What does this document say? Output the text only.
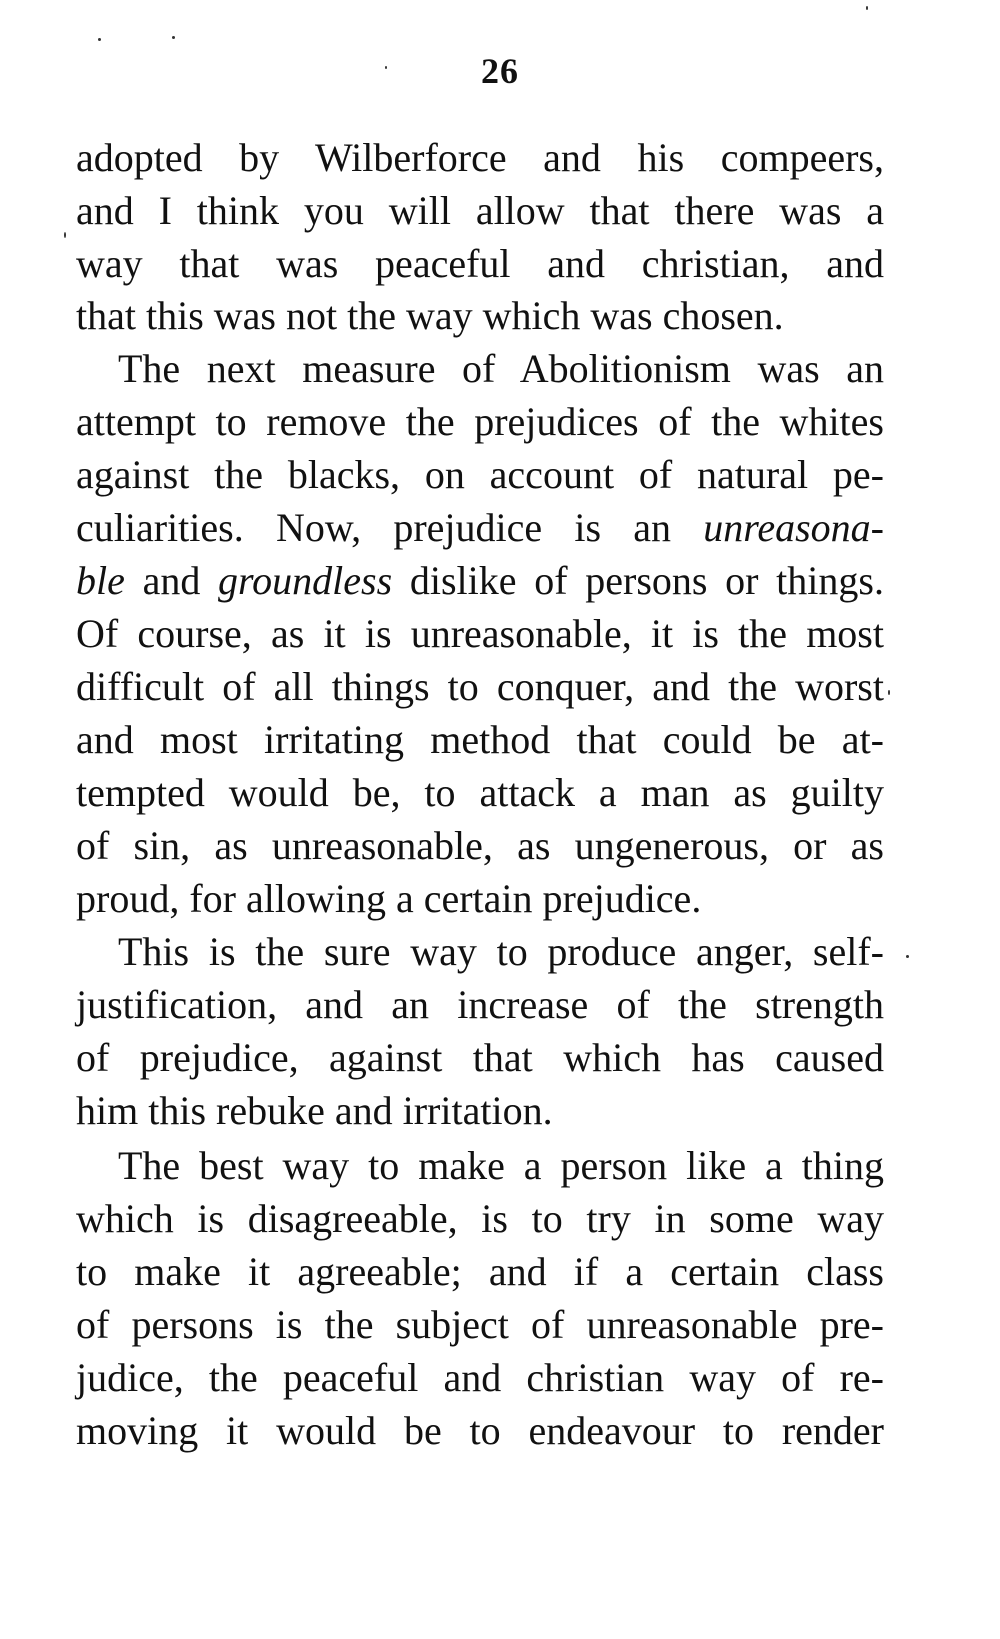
26
adopted by Wilberforce and his compeers,
and I think you will allow that there was a
way that was peaceful and christian, and
that this was not the way which was chosen.
The next measure of Abolitionism was an
attempt to remove the prejudices of the whites
against the blacks, on account of natural pe-
culiarities. Now, prejudice is an unreasona-
ble and groundless dislike of persons or things.
Of course, as it is unreasonable, it is the most
difficult of all things to conquer, and the worst
and most irritating method that could be at-
tempted would be, to attack a man as guilty
of sin, as unreasonable, as ungenerous, or as
proud, for allowing a certain prejudice.
This is the sure way to produce anger, self-
justification, and an increase of the strength
of prejudice, against that which has caused
him this rebuke and irritation.
The best way to make a person like a thing
which is disagreeable, is to try in some way
to make it agreeable; and if a certain class
of persons is the subject of unreasonable pre-
judice, the peaceful and christian way of re-
moving it would be to endeavour to render
